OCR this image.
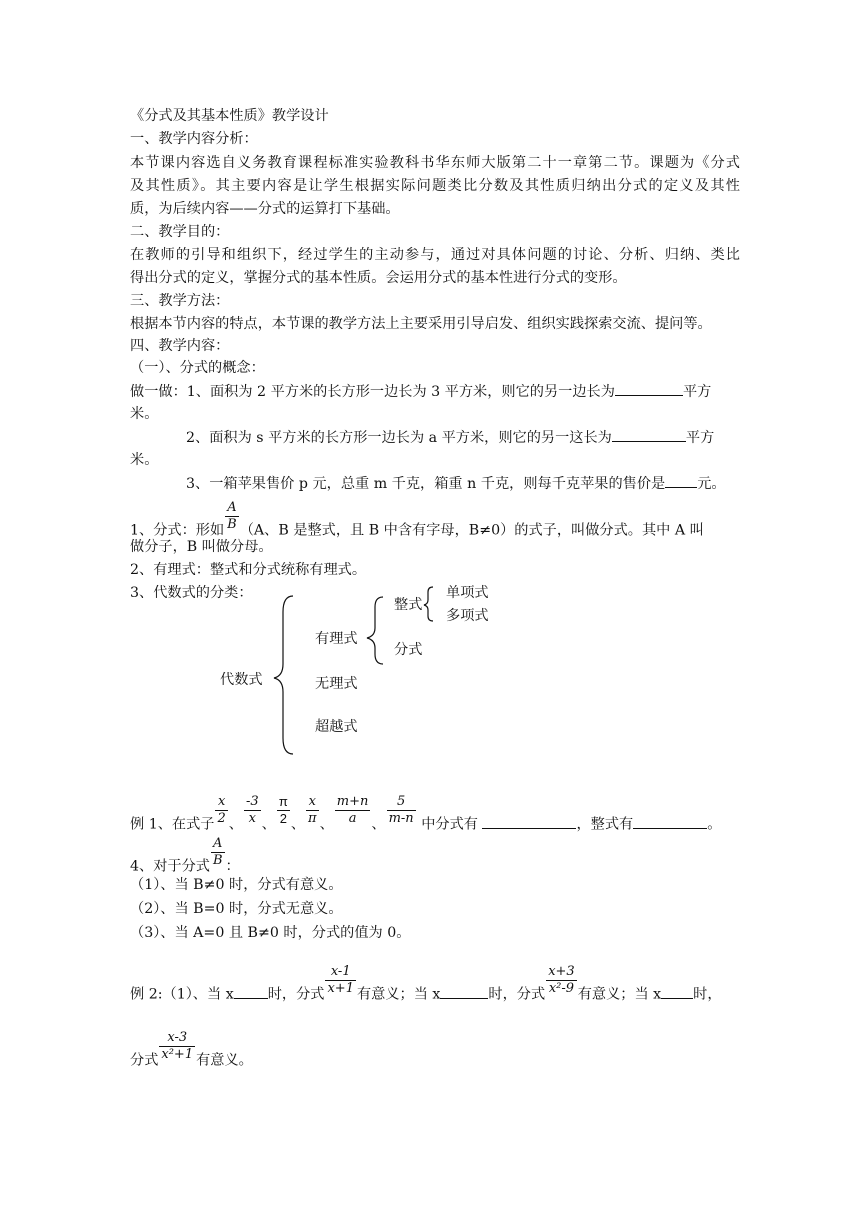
《分式及其基本性质》教学设计
一、教学内容分析：
本节课内容选自义务教育课程标准实验教科书华东师大版第二十一章第二节。课题为《分式
及其性质》。其主要内容是让学生根据实际问题类比分数及其性质归纳出分式的定义及其性
质，为后续内容——分式的运算打下基础。
二、教学目的：
在教师的引导和组织下，经过学生的主动参与，通过对具体问题的讨论、分析、归纳、类比
得出分式的定义，掌握分式的基本性质。会运用分式的基本性进行分式的变形。
三、教学方法：
根据本节内容的特点，本节课的教学方法上主要采用引导启发、组织实践探索交流、提问等。
四、教学内容：
（一）、分式的概念：
做一做：1、面积为 2 平方米的长方形一边长为 3 平方米，则它的另一边长为	平方
米。
2、面积为 s 平方米的长方形一边长为 a 平方米，则它的另一这长为	平方
米。
3、一箱苹果售价 p 元，总重 m 千克，箱重 n 千克，则每千克苹果的售价是 元。
1、分式：形如 $\frac{A}{B} (A$、B 是整式，且 B 中含有字母，B≠0）的式子，叫做分式。其中 A 叫
做分子，B 叫做分母。
2、有理式：整式和分式统称有理式。
3、代数式的分类：
代数式
有理式
无理式
超越式
整式
分式
单项式
多项式
例 1、在式子 $\frac{x}{2}$ 、 $\frac{-3}{x}$ 、 $\frac{\pi}{2}$ 、 $\frac{x}{\pi}$ 、 $\frac{m+n}{a}$ 、 $\frac{5}{m-n}$ 中分式有	，整式有	。
4、对于分式 $\frac{A}{B}$ ：
（1）、当 B≠0 时，分式有意义。
（2）、当 B=0 时，分式无意义。
（3）、当 A=0 且 B≠0 时，分式的值为 0。
例 2:（1）、当 x 时，分式 $\frac{x-1}{x+1}$ 有意义；当 x	时，分式 $\frac{x+3}{\text{x²-9}}$ 有意义；当 x 时，
分式 $\frac{x-3}{\text{x²+1}}$ 有意义。
